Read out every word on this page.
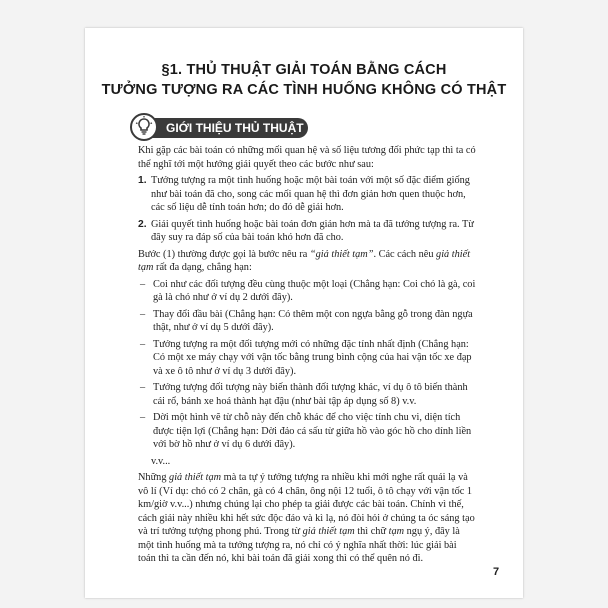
§1. THỦ THUẬT GIẢI TOÁN BẰNG CÁCH
TƯỞNG TƯỢNG RA CÁC TÌNH HUỐNG KHÔNG CÓ THẬT
GIỚI THIỆU THỦ THUẬT

Khi gặp các bài toán có những mối quan hệ và số liệu tương đối phức tạp thì ta có thể nghĩ tới một hướng giải quyết theo các bước như sau:

1. Tưởng tượng ra một tình huống hoặc một bài toán với một số đặc điểm giống như bài toán đã cho, song các mối quan hệ thì đơn giản hơn quen thuộc hơn, các số liệu dễ tính toán hơn; do đó dễ giải hơn.
2. Giải quyết tình huống hoặc bài toán đơn giản hơn mà ta đã tưởng tượng ra. Từ đây suy ra đáp số của bài toán khó hơn đã cho.

Bước (1) thường được gọi là bước nêu ra “giả thiết tạm”. Các cách nêu giả thiết tạm rất đa dạng, chẳng hạn:

– Coi như các đối tượng đều cùng thuộc một loại (Chẳng hạn: Coi chó là gà, coi gà là chó như ở ví dụ 2 dưới đây).
– Thay đổi đầu bài (Chẳng hạn: Có thêm một con ngựa bằng gỗ trong đàn ngựa thật, như ở ví dụ 5 dưới đây).
– Tưởng tượng ra một đối tượng mới có những đặc tính nhất định (Chẳng hạn: Có một xe máy chạy với vận tốc bằng trung bình cộng của hai vận tốc xe đạp và xe ô tô như ở ví dụ 3 dưới đây).
– Tưởng tượng đối tượng này biến thành đối tượng khác, ví dụ ô tô biến thành cái rổ, bánh xe hoá thành hạt đậu (như bài tập áp dụng số 8) v.v.
– Dời một hình vẽ từ chỗ này đến chỗ khác để cho việc tính chu vi, diện tích được tiện lợi (Chẳng hạn: Dời đảo cá sấu từ giữa hồ vào góc hồ cho dính liền với bờ hồ như ở ví dụ 6 dưới đây).
v.v...

Những giả thiết tạm mà ta tự ý tưởng tượng ra nhiều khi mới nghe rất quái lạ và vô lí (Ví dụ: chó có 2 chân, gà có 4 chân, ông nội 12 tuổi, ô tô chạy với vận tốc 1 km/giờ v.v...) nhưng chúng lại cho phép ta giải được các bài toán. Chính vì thế, cách giải này nhiều khi hết sức độc đáo và kì lạ, nó đòi hỏi ở chúng ta óc sáng tạo và trí tưởng tượng phong phú. Trong từ giả thiết tạm thì chữ tạm ngụ ý, đây là một tình huống mà ta tưởng tượng ra, nó chỉ có ý nghĩa nhất thời: lúc giải bài toán thì ta cần đến nó, khi bài toán đã giải xong thì có thể quên nó đi.

7
